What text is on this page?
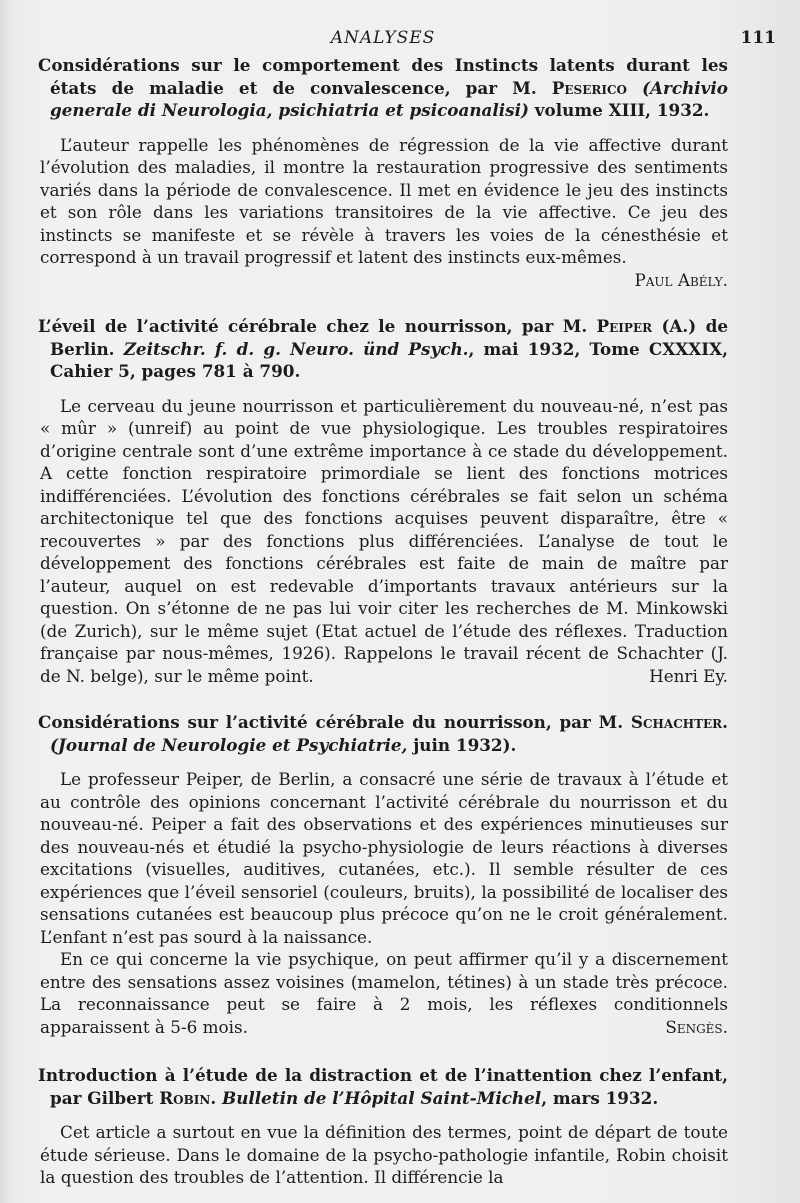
ANALYSES	111
Considérations sur le comportement des Instincts latents durant les états de maladie et de convalescence, par M. Peserico (Archivio generale di Neurologia, psichiatria et psicoanalisi) volume XIII, 1932.

L’auteur rappelle les phénomènes de régression de la vie affective durant l’évolution des maladies, il montre la restauration progressive des sentiments variés dans la période de convalescence. Il met en évidence le jeu des instincts et son rôle dans les variations transitoires de la vie affective. Ce jeu des instincts se manifeste et se révèle à travers les voies de la cénesthésie et correspond à un travail progressif et latent des instincts eux-mêmes.
Paul Abély.

L’éveil de l’activité cérébrale chez le nourrisson, par M. Peiper (A.) de Berlin. Zeitschr. f. d. g. Neuro. ünd Psych., mai 1932, Tome CXXXIX, Cahier 5, pages 781 à 790.

Le cerveau du jeune nourrisson et particulièrement du nouveau-né, n’est pas « mûr » (unreif) au point de vue physiologique. Les troubles respiratoires d’origine centrale sont d’une extrême importance à ce stade du développement. A cette fonction respiratoire primordiale se lient des fonctions motrices indifférenciées. L’évolution des fonctions cérébrales se fait selon un schéma architectonique tel que des fonctions acquises peuvent disparaître, être « recouvertes » par des fonctions plus différenciées. L’analyse de tout le développement des fonctions cérébrales est faite de main de maître par l’auteur, auquel on est redevable d’importants travaux antérieurs sur la question. On s’étonne de ne pas lui voir citer les recherches de M. Minkowski (de Zurich), sur le même sujet (Etat actuel de l’étude des réflexes. Traduction française par nous-mêmes, 1926). Rappelons le travail récent de Schachter (J. de N. belge), sur le même point.	Henri Ey.

Considérations sur l’activité cérébrale du nourrisson, par M. Schachter. (Journal de Neurologie et Psychiatrie, juin 1932).

Le professeur Peiper, de Berlin, a consacré une série de travaux à l’étude et au contrôle des opinions concernant l’activité cérébrale du nourrisson et du nouveau-né. Peiper a fait des observations et des expériences minutieuses sur des nouveau-nés et étudié la psycho-physiologie de leurs réactions à diverses excitations (visuelles, auditives, cutanées, etc.). Il semble résulter de ces expériences que l’éveil sensoriel (couleurs, bruits), la possibilité de localiser des sensations cutanées est beaucoup plus précoce qu’on ne le croit généralement. L’enfant n’est pas sourd à la naissance.

En ce qui concerne la vie psychique, on peut affirmer qu’il y a discernement entre des sensations assez voisines (mamelon, tétines) à un stade très précoce. La reconnaissance peut se faire à 2 mois, les réflexes conditionnels apparaissent à 5-6 mois.	Sengès.

Introduction à l’étude de la distraction et de l’inattention chez l’enfant, par Gilbert Robin. Bulletin de l’Hôpital Saint-Michel, mars 1932.

Cet article a surtout en vue la définition des termes, point de départ de toute étude sérieuse. Dans le domaine de la psycho-pathologie infantile, Robin choisit la question des troubles de l’attention. Il différencie la
